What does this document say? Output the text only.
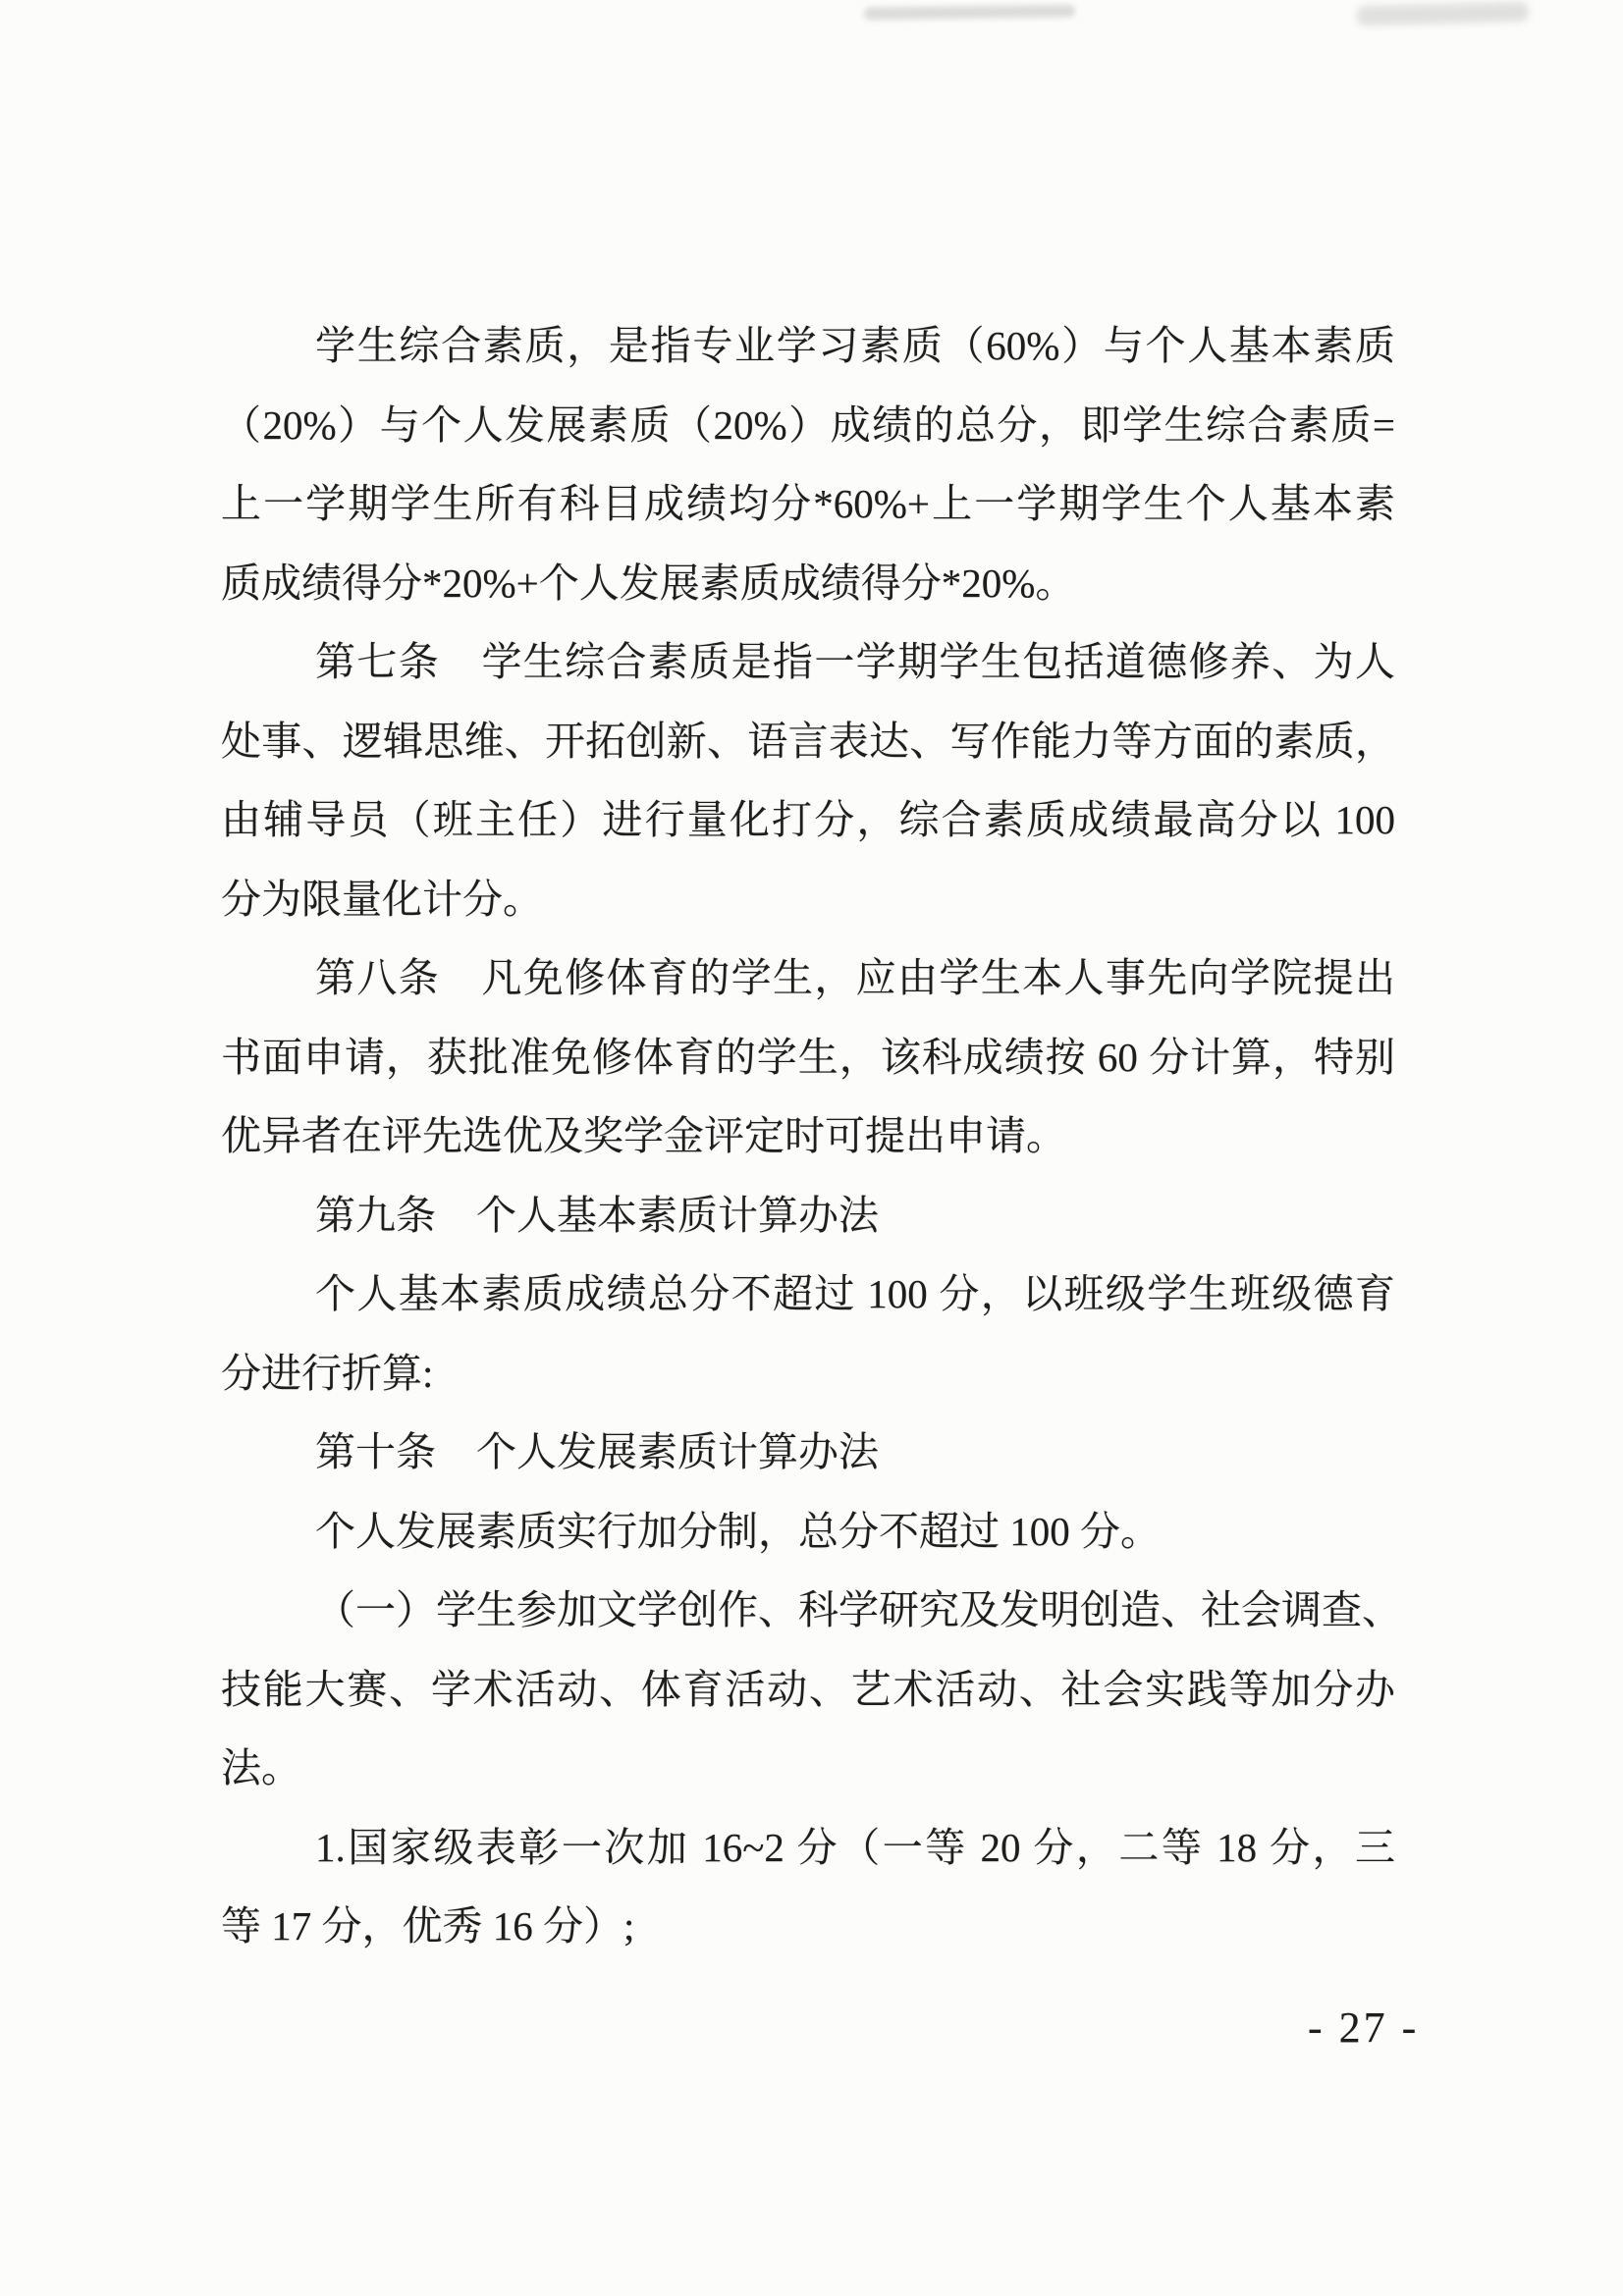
学生综合素质，是指专业学习素质（60%）与个人基本素质
（20%）与个人发展素质（20%）成绩的总分，即学生综合素质=
上一学期学生所有科目成绩均分*60%+上一学期学生个人基本素
质成绩得分*20%+个人发展素质成绩得分*20%。
第七条　学生综合素质是指一学期学生包括道德修养、为人
处事、逻辑思维、开拓创新、语言表达、写作能力等方面的素质，
由辅导员（班主任）进行量化打分，综合素质成绩最高分以 100
分为限量化计分。
第八条　凡免修体育的学生，应由学生本人事先向学院提出
书面申请，获批准免修体育的学生，该科成绩按 60 分计算，特别
优异者在评先选优及奖学金评定时可提出申请。
第九条　个人基本素质计算办法
个人基本素质成绩总分不超过 100 分，以班级学生班级德育
分进行折算:
第十条　个人发展素质计算办法
个人发展素质实行加分制，总分不超过 100 分。
（一）学生参加文学创作、科学研究及发明创造、社会调查、
技能大赛、学术活动、体育活动、艺术活动、社会实践等加分办
法。
1.国家级表彰一次加 16~2 分（一等 20 分，二等 18 分，三
等 17 分，优秀 16 分）;
- 27 -
